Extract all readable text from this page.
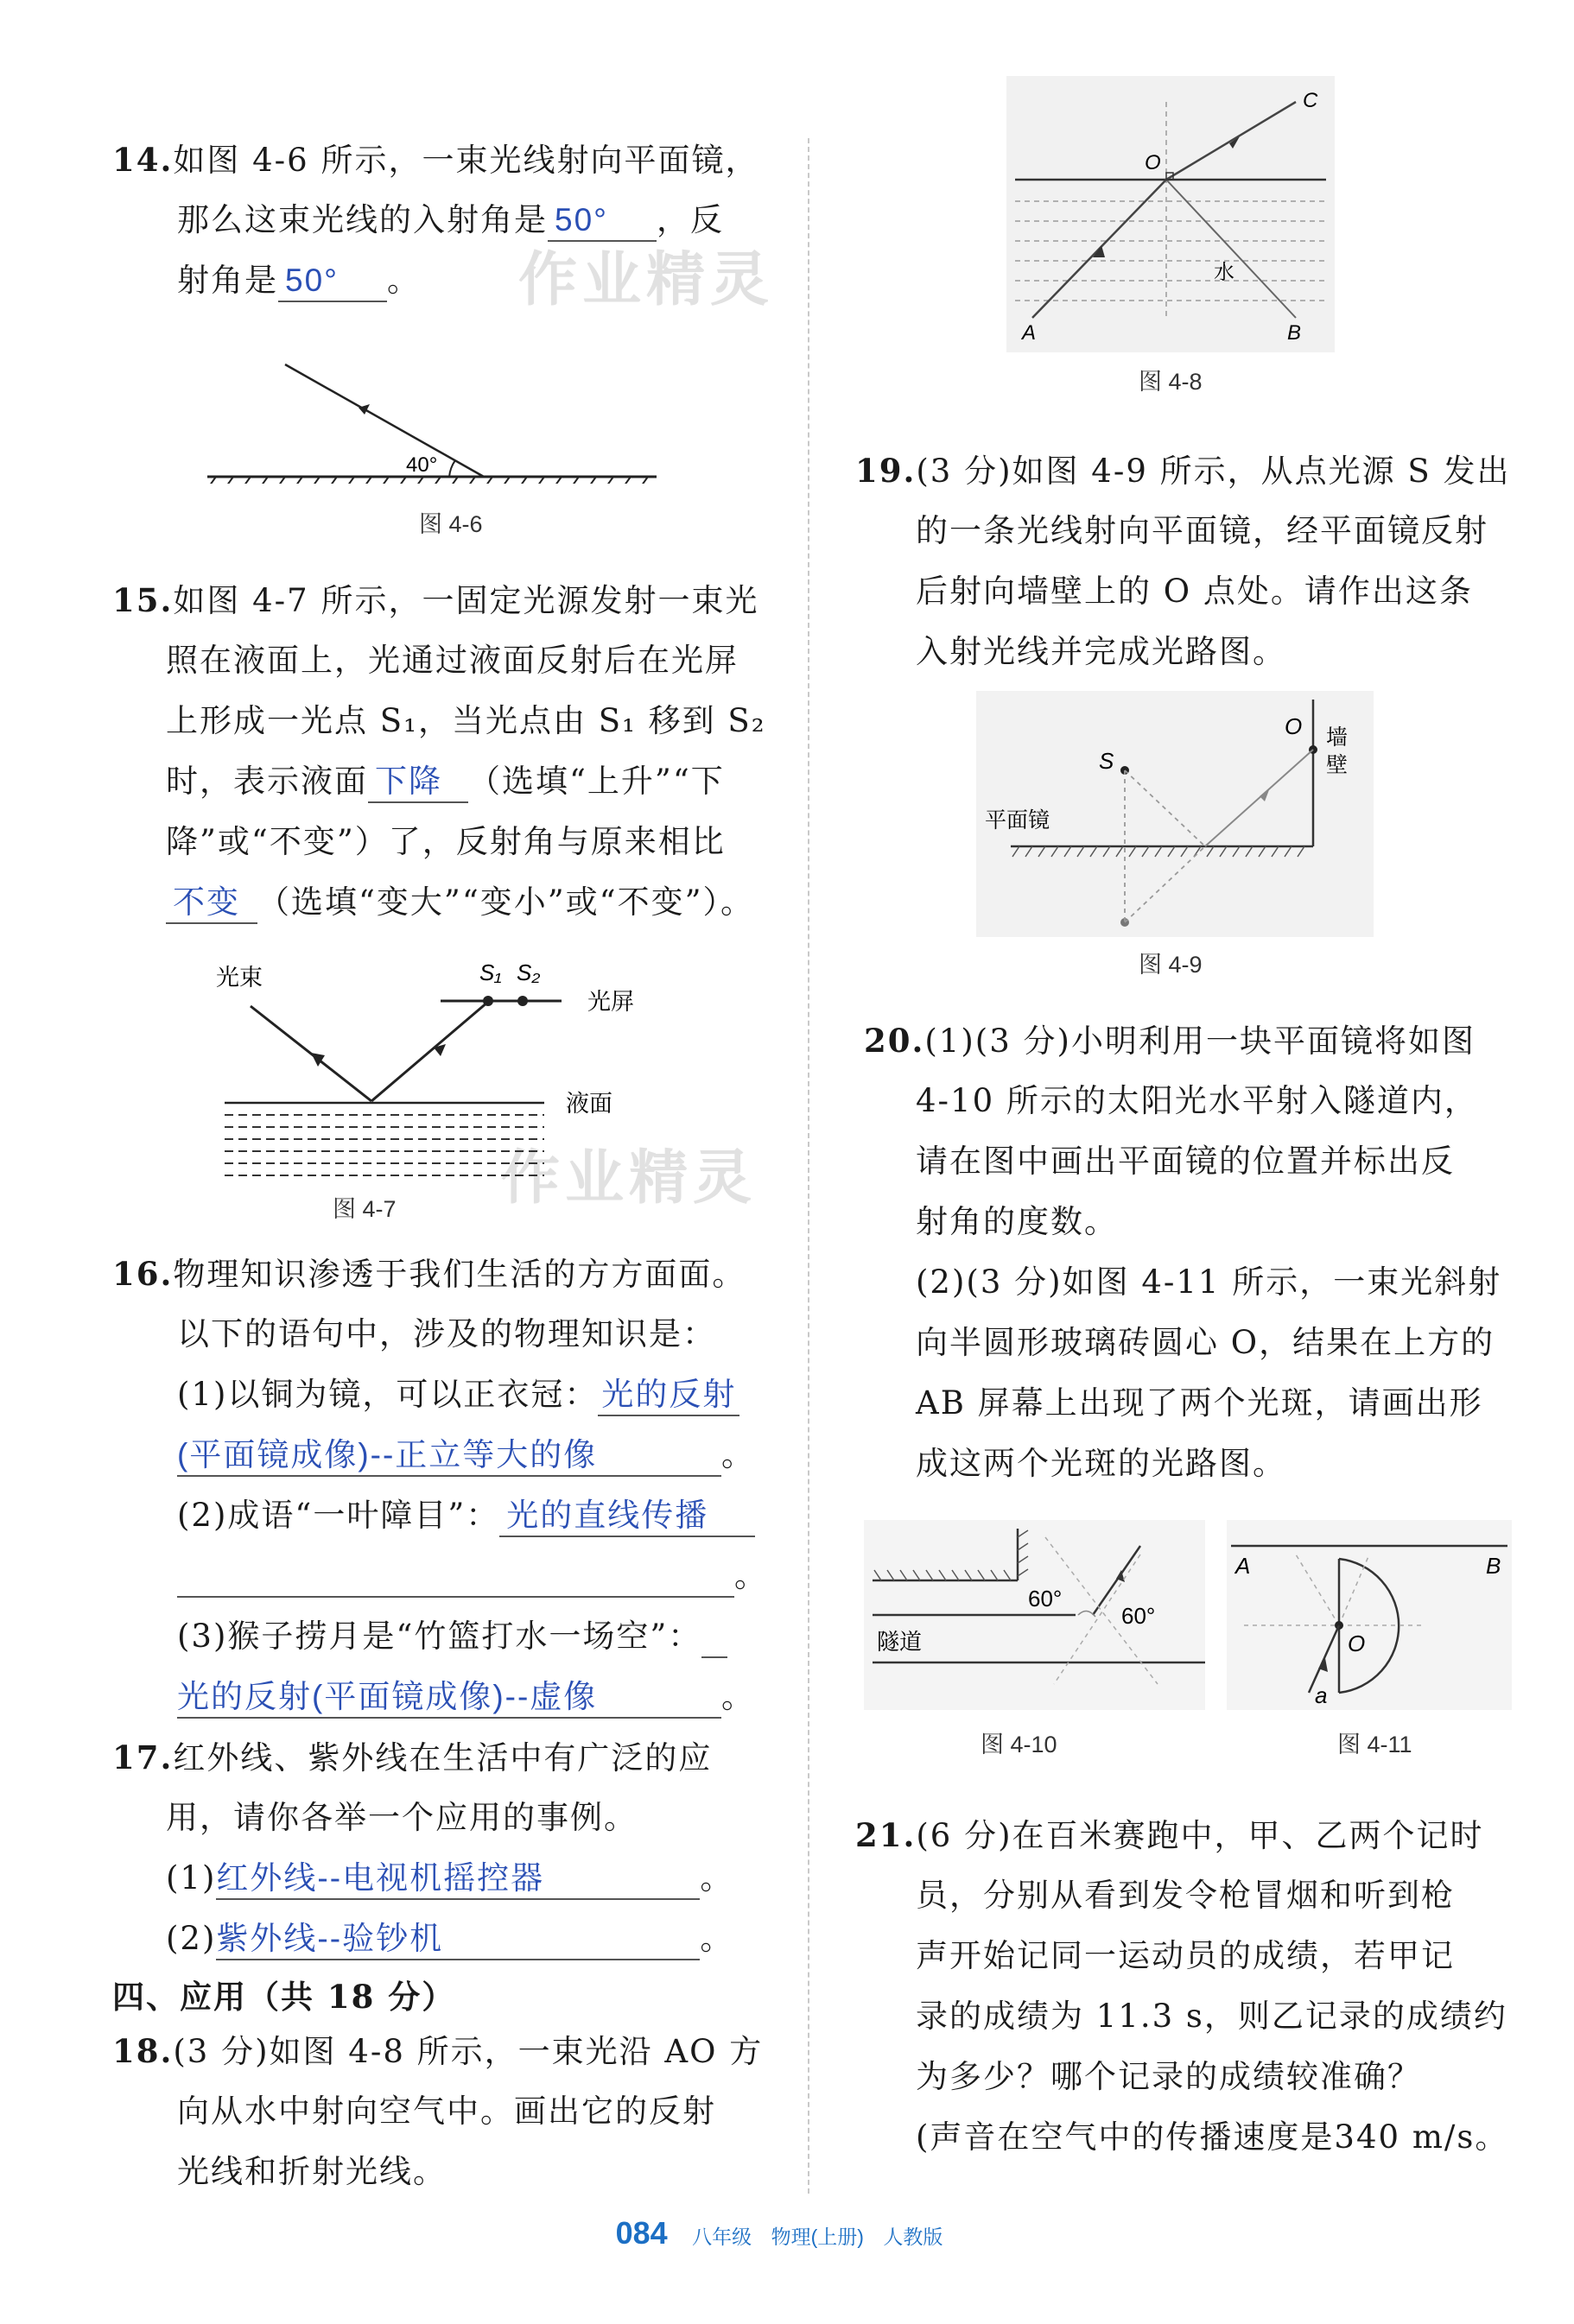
作业精灵
作业精灵
14.如图 4-6 所示，一束光线射向平面镜，
那么这束光线的入射角是 50° ，反
射角是 50° 。
40°
图 4-6
15.如图 4-7 所示，一固定光源发射一束光
照在液面上，光通过液面反射后在光屏
上形成一光点 S₁，当光点由 S₁ 移到 S₂
时，表示液面 下降 （选填“上升”“下
降”或“不变”）了，反射角与原来相比
不变 （选填“变大”“变小”或“不变”）。
光束	S₁ S₂
光屏
液面
图 4-7
16.物理知识渗透于我们生活的方方面面。
以下的语句中，涉及的物理知识是：
(1)以铜为镜，可以正衣冠： 光的反射
(平面镜成像)--正立等大的像	。
(2)成语“一叶障目”： 光的直线传播
。
(3)猴子捞月是“竹篮打水一场空”：
光的反射(平面镜成像)--虚像	。
17.红外线、紫外线在生活中有广泛的应
用，请你各举一个应用的事例。
(1)红外线--电视机摇控器	。
(2)紫外线--验钞机	。
四、应用（共 18 分）
18.(3 分)如图 4-8 所示，一束光沿 AO 方
向从水中射向空气中。画出它的反射
光线和折射光线。
O
C
A	B
水
图 4-8
19.(3 分)如图 4-9 所示，从点光源 S 发出
的一条光线射向平面镜，经平面镜反射
后射向墙壁上的 O 点处。请作出这条
入射光线并完成光路图。
S
O 墙
壁
平面镜
图 4-9
20.(1)(3 分)小明利用一块平面镜将如图
4-10 所示的太阳光水平射入隧道内，
请在图中画出平面镜的位置并标出反
射角的度数。
(2)(3 分)如图 4-11 所示，一束光斜射
向半圆形玻璃砖圆心 O，结果在上方的
AB 屏幕上出现了两个光斑，请画出形
成这两个光斑的光路图。
60°
60°
隧道
图 4-10
A	B
O
a
图 4-11
21.(6 分)在百米赛跑中，甲、乙两个记时
员，分别从看到发令枪冒烟和听到枪
声开始记同一运动员的成绩，若甲记
录的成绩为 11.3 s，则乙记录的成绩约
为多少？哪个记录的成绩较准确？
(声音在空气中的传播速度是340 m/s。
084 八年级 物理(上册) 人教版
